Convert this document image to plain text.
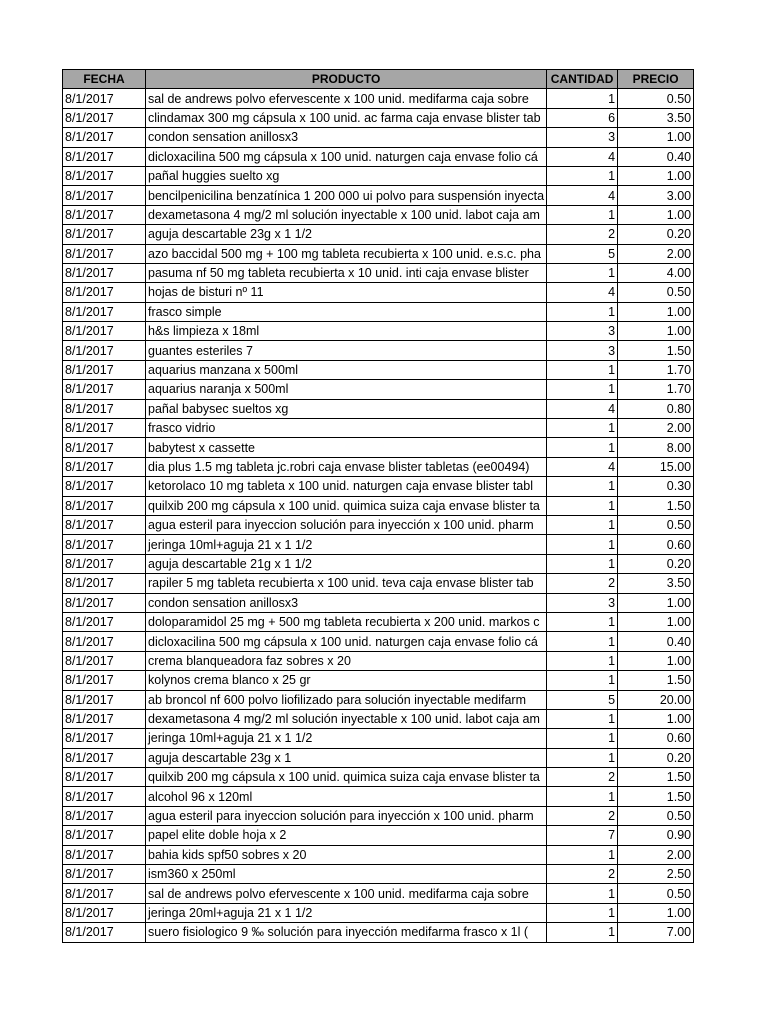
FECHA	PRODUCTO	CANTIDAD	PRECIO
8/1/2017	sal de andrews polvo efervescente x 100 unid. medifarma caja sobre	1	0.50
8/1/2017	clindamax 300 mg cápsula x 100 unid. ac farma caja envase blister tab	6	3.50
8/1/2017	condon sensation anillosx3	3	1.00
8/1/2017	dicloxacilina 500 mg cápsula x 100 unid. naturgen caja envase folio cá	4	0.40
8/1/2017	pañal huggies suelto xg	1	1.00
8/1/2017	bencilpenicilina benzatínica 1 200 000 ui polvo para suspensión inyecta	4	3.00
8/1/2017	dexametasona 4 mg/2 ml solución inyectable x 100 unid. labot caja am	1	1.00
8/1/2017	aguja descartable 23g x 1 1/2	2	0.20
8/1/2017	azo baccidal 500 mg + 100 mg tableta recubierta x 100 unid. e.s.c. pha	5	2.00
8/1/2017	pasuma nf 50 mg tableta recubierta x 10 unid. inti caja envase blister	1	4.00
8/1/2017	hojas de bisturi nº 11	4	0.50
8/1/2017	frasco simple	1	1.00
8/1/2017	h&s limpieza x 18ml	3	1.00
8/1/2017	guantes esteriles 7	3	1.50
8/1/2017	aquarius manzana x 500ml	1	1.70
8/1/2017	aquarius naranja x 500ml	1	1.70
8/1/2017	pañal babysec sueltos xg	4	0.80
8/1/2017	frasco vidrio	1	2.00
8/1/2017	babytest x cassette	1	8.00
8/1/2017	dia plus 1.5 mg tableta jc.robri caja envase blister tabletas (ee00494)	4	15.00
8/1/2017	ketorolaco 10 mg tableta x 100 unid. naturgen caja envase blister tabl	1	0.30
8/1/2017	quilxib 200 mg cápsula x 100 unid. quimica suiza caja envase blister ta	1	1.50
8/1/2017	agua esteril para inyeccion solución para inyección x 100 unid. pharm	1	0.50
8/1/2017	jeringa 10ml+aguja 21 x 1 1/2	1	0.60
8/1/2017	aguja descartable 21g x 1 1/2	1	0.20
8/1/2017	rapiler 5 mg tableta recubierta x 100 unid. teva caja envase blister tab	2	3.50
8/1/2017	condon sensation anillosx3	3	1.00
8/1/2017	doloparamidol 25 mg + 500 mg tableta recubierta x 200 unid. markos c	1	1.00
8/1/2017	dicloxacilina 500 mg cápsula x 100 unid. naturgen caja envase folio cá	1	0.40
8/1/2017	crema blanqueadora faz sobres x 20	1	1.00
8/1/2017	kolynos crema blanco x 25 gr	1	1.50
8/1/2017	ab broncol nf 600 polvo liofilizado para solución inyectable medifarm	5	20.00
8/1/2017	dexametasona 4 mg/2 ml solución inyectable x 100 unid. labot caja am	1	1.00
8/1/2017	jeringa 10ml+aguja 21 x 1 1/2	1	0.60
8/1/2017	aguja descartable 23g x 1	1	0.20
8/1/2017	quilxib 200 mg cápsula x 100 unid. quimica suiza caja envase blister ta	2	1.50
8/1/2017	alcohol 96 x 120ml	1	1.50
8/1/2017	agua esteril para inyeccion solución para inyección x 100 unid. pharm	2	0.50
8/1/2017	papel elite doble hoja x 2	7	0.90
8/1/2017	bahia kids spf50 sobres x 20	1	2.00
8/1/2017	ism360 x 250ml	2	2.50
8/1/2017	sal de andrews polvo efervescente x 100 unid. medifarma caja sobre	1	0.50
8/1/2017	jeringa 20ml+aguja 21 x 1 1/2	1	1.00
8/1/2017	suero fisiologico 9 ‰ solución para inyección medifarma frasco x 1l (	1	7.00
